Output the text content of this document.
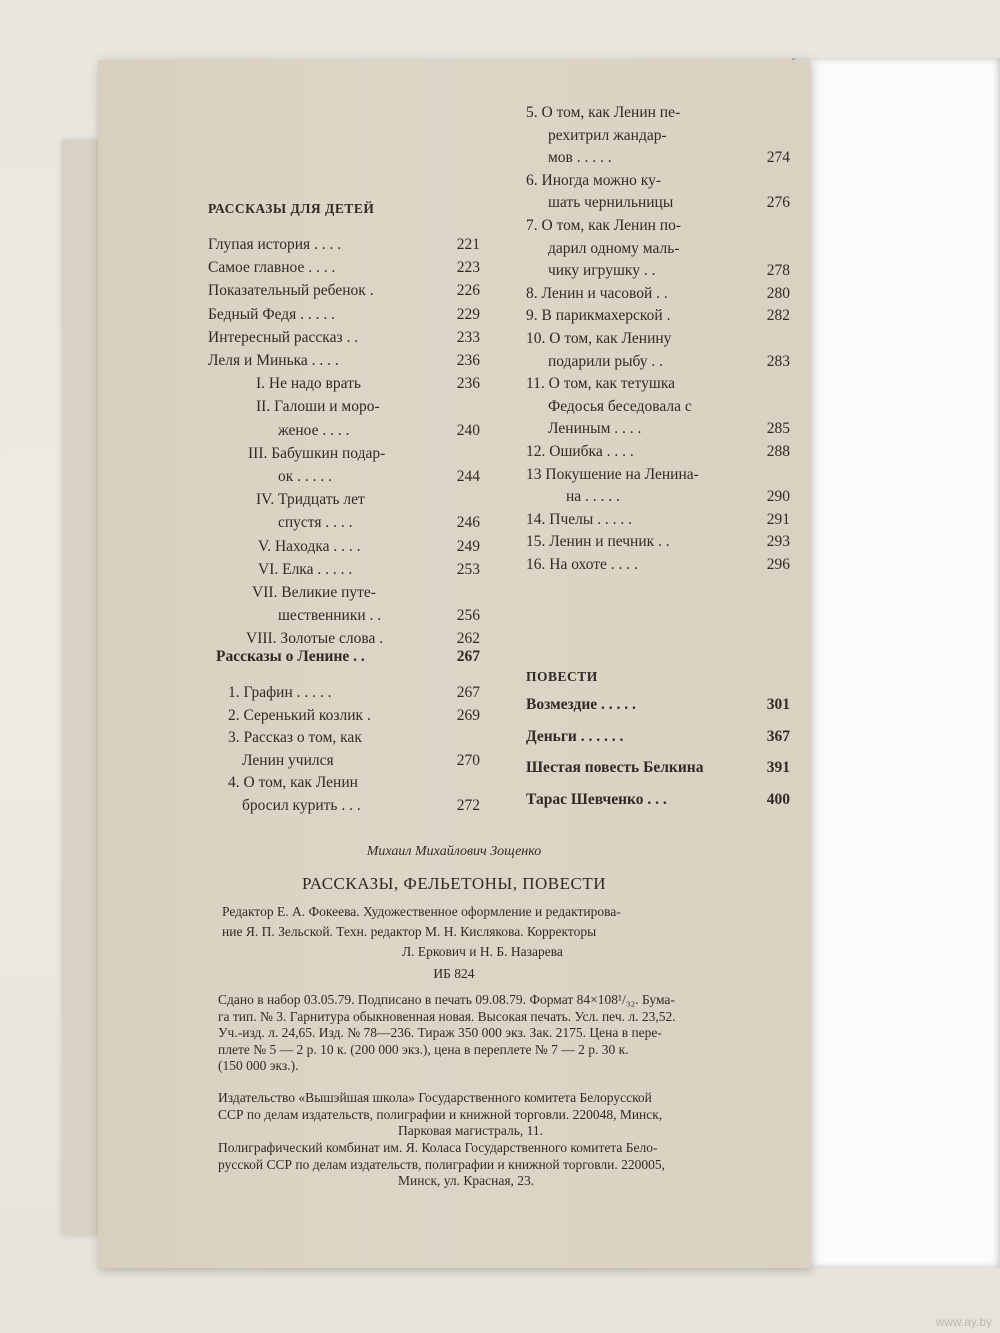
РАССКАЗЫ ДЛЯ ДЕТЕЙ
Глупая история . . . .	221
Самое главное . . . .	223
Показательный ребенок .	226
Бедный Федя . . . . .	229
Интересный рассказ . .	233
Леля и Минька . . . .	236
I. Не надо врать	236
II. Галоши и моро-
женое . . . .	240
III. Бабушкин подар-
ок . . . . .	244
IV. Тридцать лет
спустя . . . .	246
V. Находка . . . .	249
VI. Елка . . . . .	253
VII. Великие путе-
шественники . .	256
VIII. Золотые слова .	262
Рассказы о Ленине . .	267
1. Графин . . . . .	267
2. Серенький козлик .	269
3. Рассказ о том, как
Ленин учился	270
4. О том, как Ленин
бросил курить . . .	272
5. О том, как Ленин пе-
рехитрил жандар-
мов . . . . .	274
6. Иногда можно ку-
шать чернильницы	276
7. О том, как Ленин по-
дарил одному маль-
чику игрушку . .	278
8. Ленин и часовой . .	280
9. В парикмахерской .	282
10. О том, как Ленину
подарили рыбу . .	283
11. О том, как тетушка
Федосья беседовала с
Лениным . . . .	285
12. Ошибка . . . .	288
13 Покушение на Ленина-
на . . . . .	290
14. Пчелы . . . . .	291
15. Ленин и печник . .	293
16. На охоте . . . .	296
ПОВЕСТИ
Возмездие . . . . .	301
Деньги . . . . . .	367
Шестая повесть Белкина	391
Тарас Шевченко . . .	400
Михаил Михайлович Зощенко
РАССКАЗЫ, ФЕЛЬЕТОНЫ, ПОВЕСТИ
Редактор Е. А. Фокеева. Художественное оформление и редактирова-
ние Я. П. Зельской. Техн. редактор М. Н. Кислякова. Корректоры
Л. Еркович и Н. Б. Назарева
ИБ 824
Сдано в набор 03.05.79. Подписано в печать 09.08.79. Формат 84×108¹/₃₂. Бума-
га тип. № 3. Гарнитура обыкновенная новая. Высокая печать. Усл. печ. л. 23,52.
Уч.-изд. л. 24,65. Изд. № 78—236. Тираж 350 000 экз. Зак. 2175. Цена в пере-
плете № 5 — 2 р. 10 к. (200 000 экз.), цена в переплете № 7 — 2 р. 30 к.
(150 000 экз.).
Издательство «Вышэйшая школа» Государственного комитета Белорусской
ССР по делам издательств, полиграфии и книжной торговли. 220048, Минск,
Парковая магистраль, 11.
Полиграфический комбинат им. Я. Коласа Государственного комитета Бело-
русской ССР по делам издательств, полиграфии и книжной торговли. 220005,
Минск, ул. Красная, 23.
www.ay.by
